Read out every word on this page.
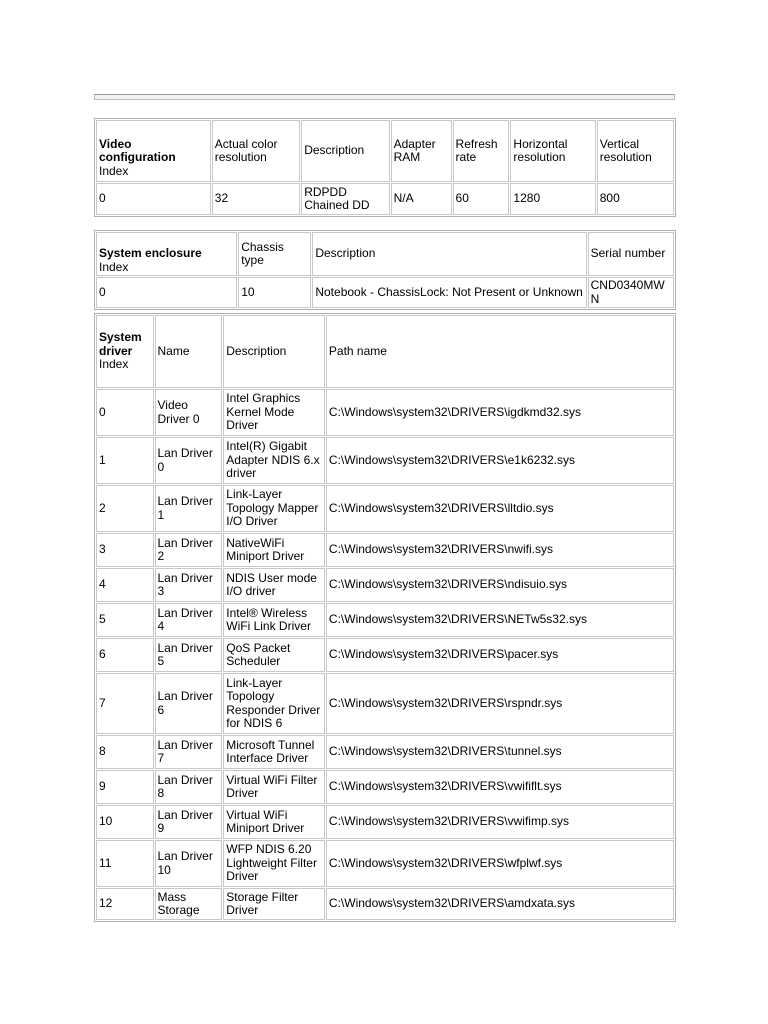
Video configuration Index	Actual color resolution	Description	Adapter RAM	Refresh rate	Horizontal resolution	Vertical resolution
0	32	RDPDD Chained DD	N/A	60	1280	800
System enclosure Index	Chassis type	Description	Serial number
0	10	Notebook - ChassisLock: Not Present or Unknown	CND0340MWN
System driver
Index	Name	Description	Path name
0	Video Driver 0	Intel Graphics Kernel Mode Driver	C:\Windows\system32\DRIVERS\igdkmd32.sys
1	Lan Driver 0	Intel(R) Gigabit Adapter NDIS 6.x driver	C:\Windows\system32\DRIVERS\e1k6232.sys
2	Lan Driver 1	Link-Layer Topology Mapper I/O Driver	C:\Windows\system32\DRIVERS\lltdio.sys
3	Lan Driver 2	NativeWiFi Miniport Driver	C:\Windows\system32\DRIVERS\nwifi.sys
4	Lan Driver 3	NDIS User mode I/O driver	C:\Windows\system32\DRIVERS\ndisuio.sys
5	Lan Driver 4	Intel® Wireless WiFi Link Driver	C:\Windows\system32\DRIVERS\NETw5s32.sys
6	Lan Driver 5	QoS Packet Scheduler	C:\Windows\system32\DRIVERS\pacer.sys
7	Lan Driver 6	Link-Layer Topology Responder Driver for NDIS 6	C:\Windows\system32\DRIVERS\rspndr.sys
8	Lan Driver 7	Microsoft Tunnel Interface Driver	C:\Windows\system32\DRIVERS\tunnel.sys
9	Lan Driver 8	Virtual WiFi Filter Driver	C:\Windows\system32\DRIVERS\vwififlt.sys
10	Lan Driver 9	Virtual WiFi Miniport Driver	C:\Windows\system32\DRIVERS\vwifimp.sys
11	Lan Driver 10	WFP NDIS 6.20 Lightweight Filter Driver	C:\Windows\system32\DRIVERS\wfplwf.sys
12	Mass Storage	Storage Filter Driver	C:\Windows\system32\DRIVERS\amdxata.sys
